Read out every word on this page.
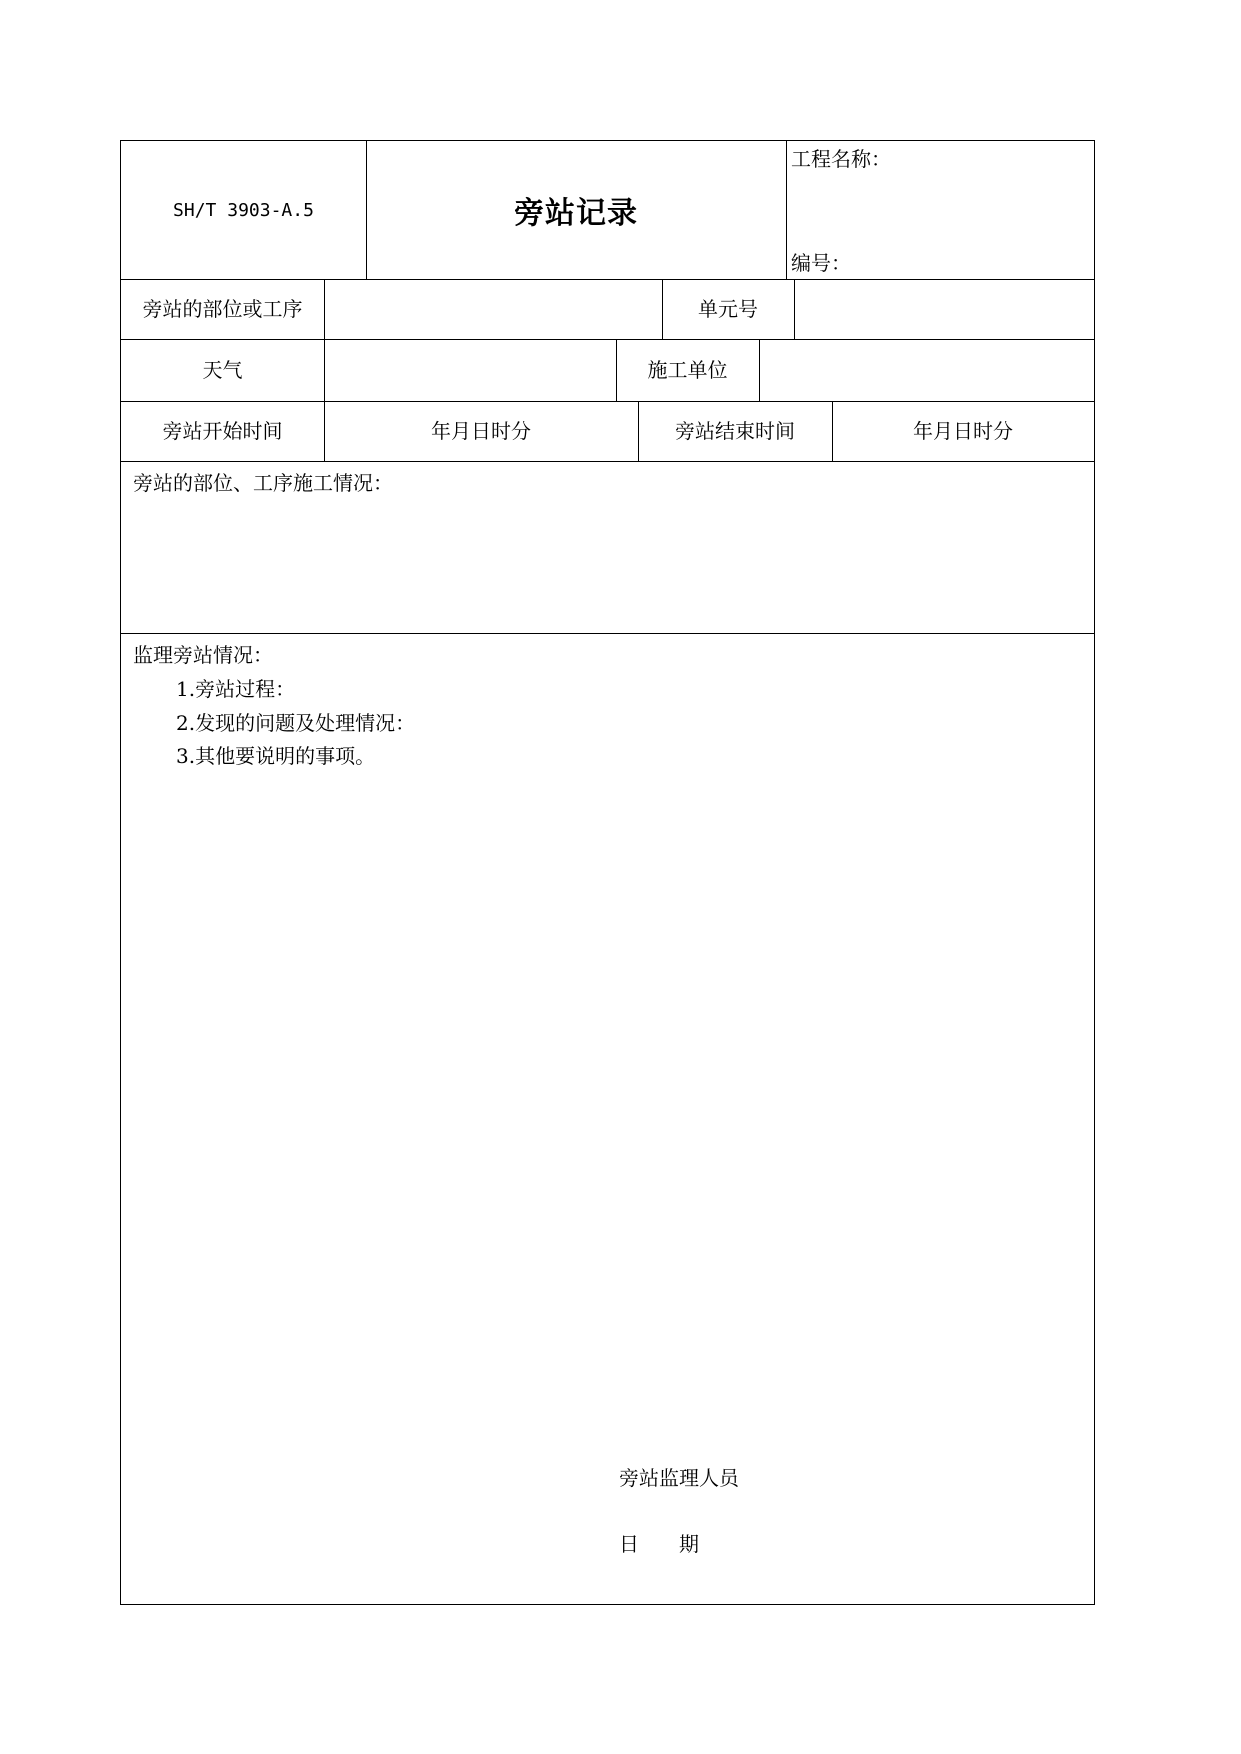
SH/T 3903-A.5	旁站记录
工程名称：
编号：
旁站的部位或工序	单元号
天气	施工单位
旁站开始时间	年月日时分	旁站结束时间	年月日时分
旁站的部位、工序施工情况：
监理旁站情况：
1.旁站过程：
2.发现的问题及处理情况：
3.其他要说明的事项。
旁站监理人员
日　　期
